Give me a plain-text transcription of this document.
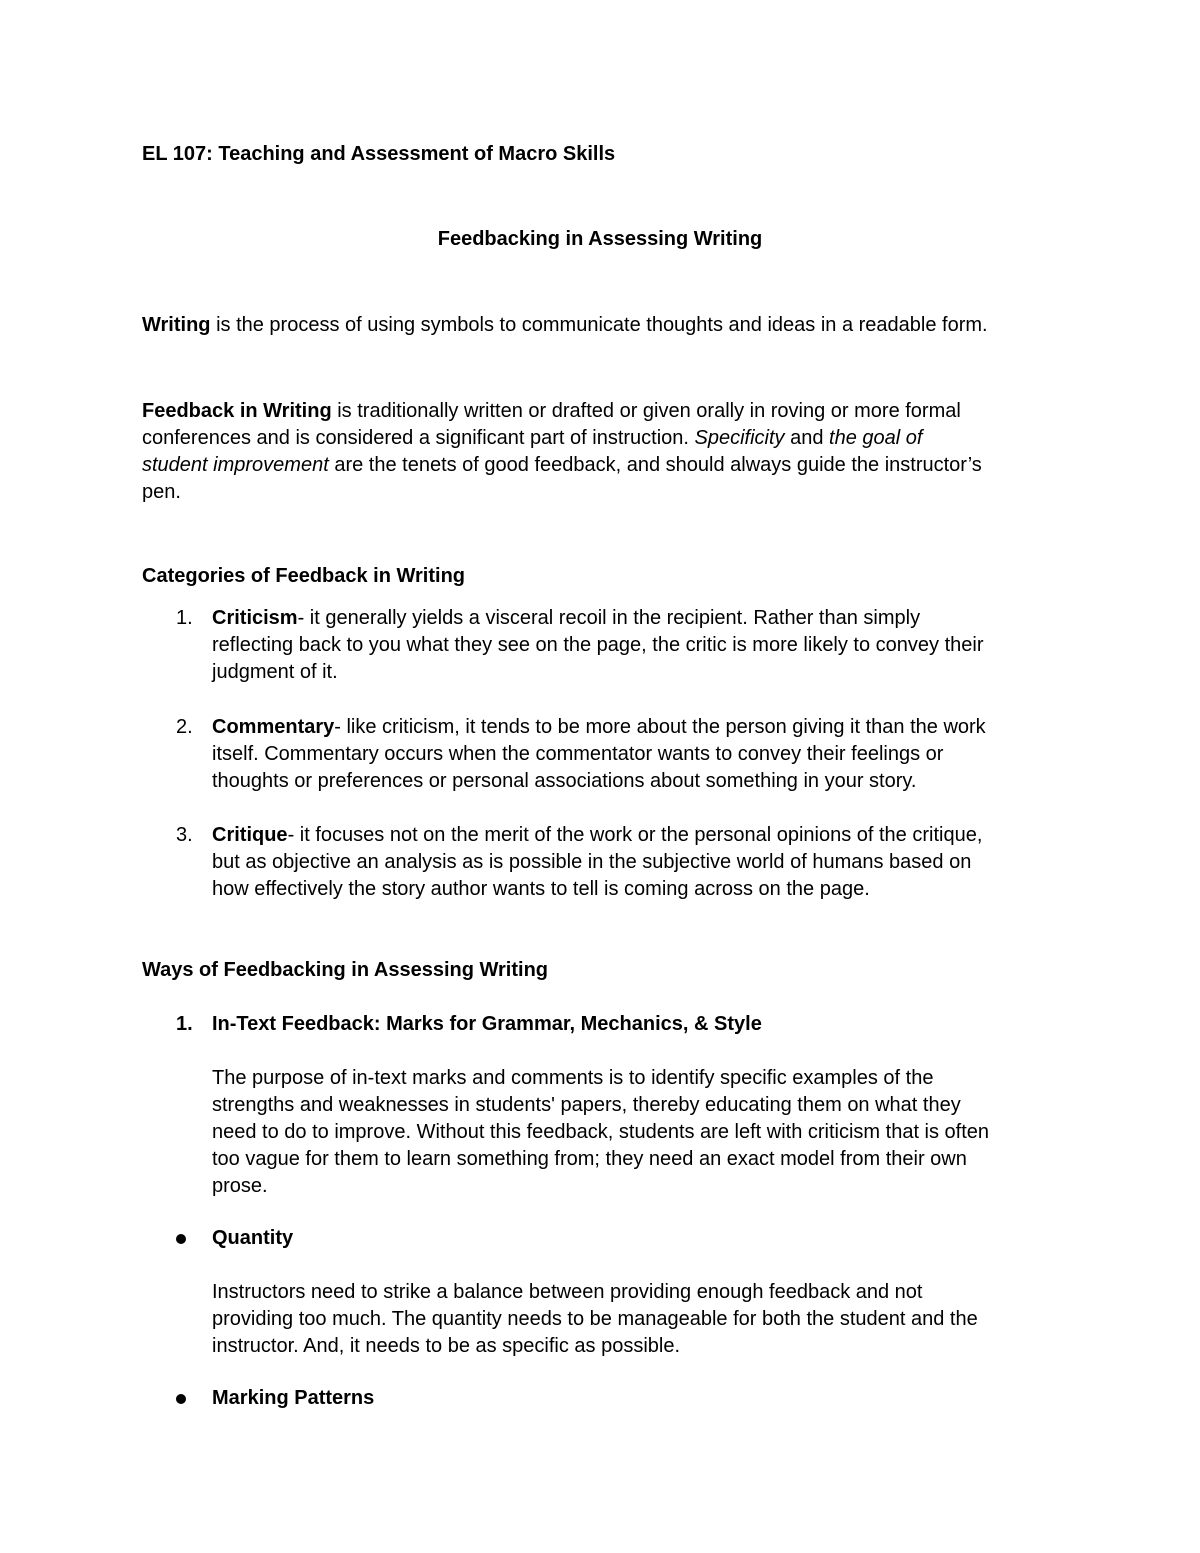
EL 107: Teaching and Assessment of Macro Skills

Feedbacking in Assessing Writing

Writing is the process of using symbols to communicate thoughts and ideas in a readable form.

Feedback in Writing is traditionally written or drafted or given orally in roving or more formal

conferences and is considered a significant part of instruction. Specificity and the goal of

student improvement are the tenets of good feedback, and should always guide the instructor’s

pen.

Categories of Feedback in Writing

1. Criticism- it generally yields a visceral recoil in the recipient. Rather than simply

reflecting back to you what they see on the page, the critic is more likely to convey their

judgment of it.

2. Commentary- like criticism, it tends to be more about the person giving it than the work

itself. Commentary occurs when the commentator wants to convey their feelings or

thoughts or preferences or personal associations about something in your story.

3. Critique- it focuses not on the merit of the work or the personal opinions of the critique,

but as objective an analysis as is possible in the subjective world of humans based on

how effectively the story author wants to tell is coming across on the page.

Ways of Feedbacking in Assessing Writing

1. In-Text Feedback: Marks for Grammar, Mechanics, & Style

The purpose of in-text marks and comments is to identify specific examples of the

strengths and weaknesses in students' papers, thereby educating them on what they

need to do to improve. Without this feedback, students are left with criticism that is often

too vague for them to learn something from; they need an exact model from their own

prose.

Quantity

Instructors need to strike a balance between providing enough feedback and not

providing too much. The quantity needs to be manageable for both the student and the

instructor. And, it needs to be as specific as possible.

Marking Patterns
